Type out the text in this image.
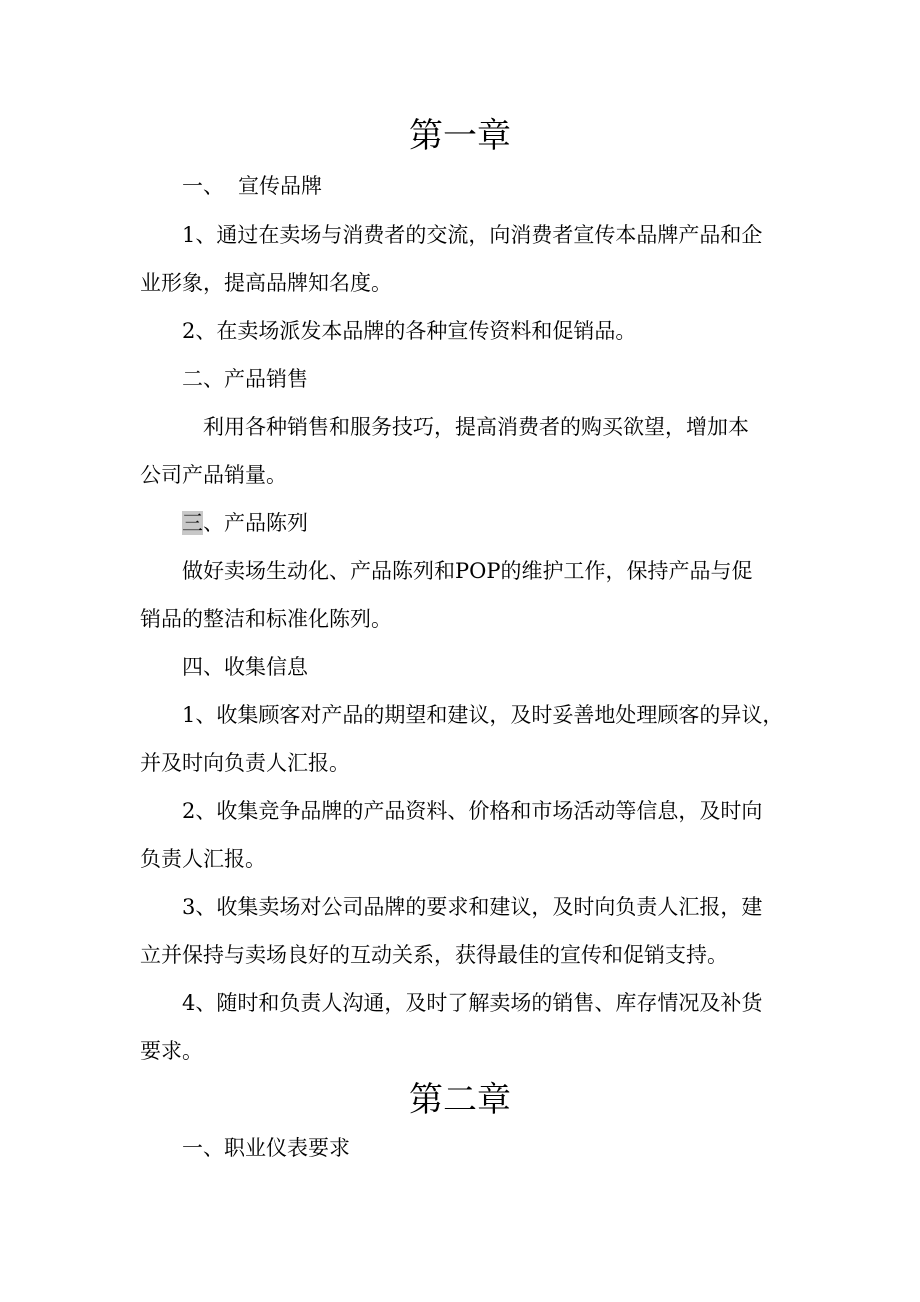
第一章
一、 宣传品牌
1、通过在卖场与消费者的交流，向消费者宣传本品牌产品和企
业形象，提高品牌知名度。
2、在卖场派发本品牌的各种宣传资料和促销品。
二、产品销售
利用各种销售和服务技巧，提高消费者的购买欲望，增加本
公司产品销量。
三、产品陈列
做好卖场生动化、产品陈列和POP的维护工作，保持产品与促
销品的整洁和标准化陈列。
四、收集信息
1、收集顾客对产品的期望和建议，及时妥善地处理顾客的异议，
并及时向负责人汇报。
2、收集竞争品牌的产品资料、价格和市场活动等信息，及时向
负责人汇报。
3、收集卖场对公司品牌的要求和建议，及时向负责人汇报，建
立并保持与卖场良好的互动关系，获得最佳的宣传和促销支持。
4、随时和负责人沟通，及时了解卖场的销售、库存情况及补货
要求。
第二章
一、职业仪表要求
